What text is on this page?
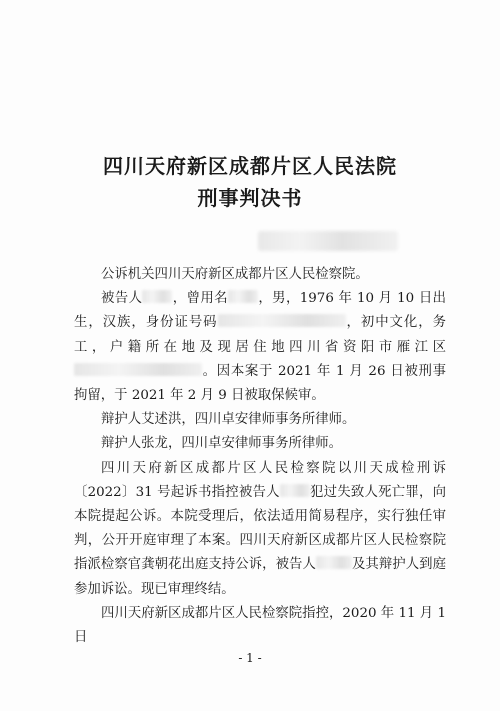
四川天府新区成都片区人民法院
刑事判决书

公诉机关四川天府新区成都片区人民检察院。

被告人 ，曾用名 ，男，1976 年 10 月 10 日出生，汉族，身份证号码	，初中文化，务工，户籍所在地及现居住地四川省资阳市雁江区。因本案于 2021 年 1 月 26 日被刑事拘留，于 2021 年 2 月 9 日被取保候审。

辩护人艾述洪，四川卓安律师事务所律师。

辩护人张龙，四川卓安律师事务所律师。

四川天府新区成都片区人民检察院以川天成检刑诉〔2022〕31 号起诉书指控被告人 犯过失致人死亡罪，向本院提起公诉。本院受理后，依法适用简易程序，实行独任审判，公开开庭审理了本案。四川天府新区成都片区人民检察院指派检察官龚朝花出庭支持公诉，被告人	及其辩护人到庭参加诉讼。现已审理终结。

四川天府新区成都片区人民检察院指控，2020 年 11 月 1 日

- 1 -
